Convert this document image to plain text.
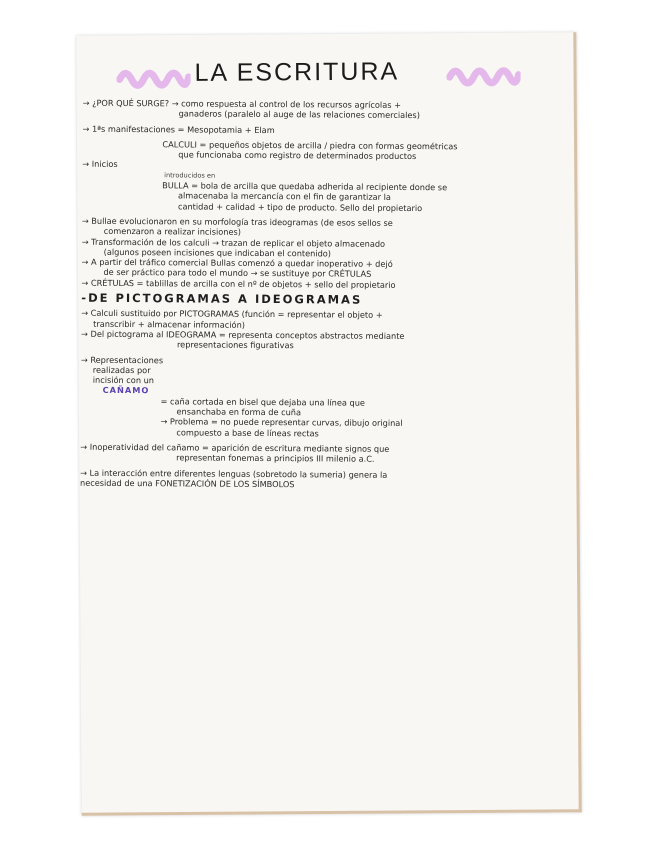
LA ESCRITURA
→ ¿POR QUÉ SURGE? → como respuesta al control de los recursos agrícolas +
ganaderos (paralelo al auge de las relaciones comerciales)
→ 1ªs manifestaciones = Mesopotamia + Elam
CALCULI = pequeños objetos de arcilla / piedra con formas geométricas
que funcionaba como registro de determinados productos
→ Inicios
introducidos en
BULLA = bola de arcilla que quedaba adherida al recipiente donde se
almacenaba la mercancía con el fin de garantizar la
cantidad + calidad + tipo de producto. Sello del propietario
→ Bullae evolucionaron en su morfología tras ideogramas (de esos sellos se
comenzaron a realizar incisiones)
→ Transformación de los calculi → trazan de replicar el objeto almacenado
(algunos poseen incisiones que indicaban el contenido)
→ A partir del tráfico comercial Bullas comenzó a quedar inoperativo + dejó
de ser práctico para todo el mundo → se sustituye por CRÉTULAS
→ CRÉTULAS = tablillas de arcilla con el nº de objetos + sello del propietario
-DE PICTOGRAMAS A IDEOGRAMAS
→ Calculi sustituido por PICTOGRAMAS (función = representar el objeto +
transcribir + almacenar información)
→ Del pictograma al IDEOGRAMA = representa conceptos abstractos mediante
representaciones figurativas
→ Representaciones
realizadas por
incisión con un
CAÑAMO
= caña cortada en bisel que dejaba una línea que
ensanchaba en forma de cuña
→ Problema = no puede representar curvas, dibujo original
compuesto a base de líneas rectas
→ Inoperatividad del cañamo = aparición de escritura mediante signos que
representan fonemas a principios III milenio a.C.
→ La interacción entre diferentes lenguas (sobretodo la sumeria) genera la
necesidad de una FONETIZACIÓN DE LOS SÍMBOLOS
